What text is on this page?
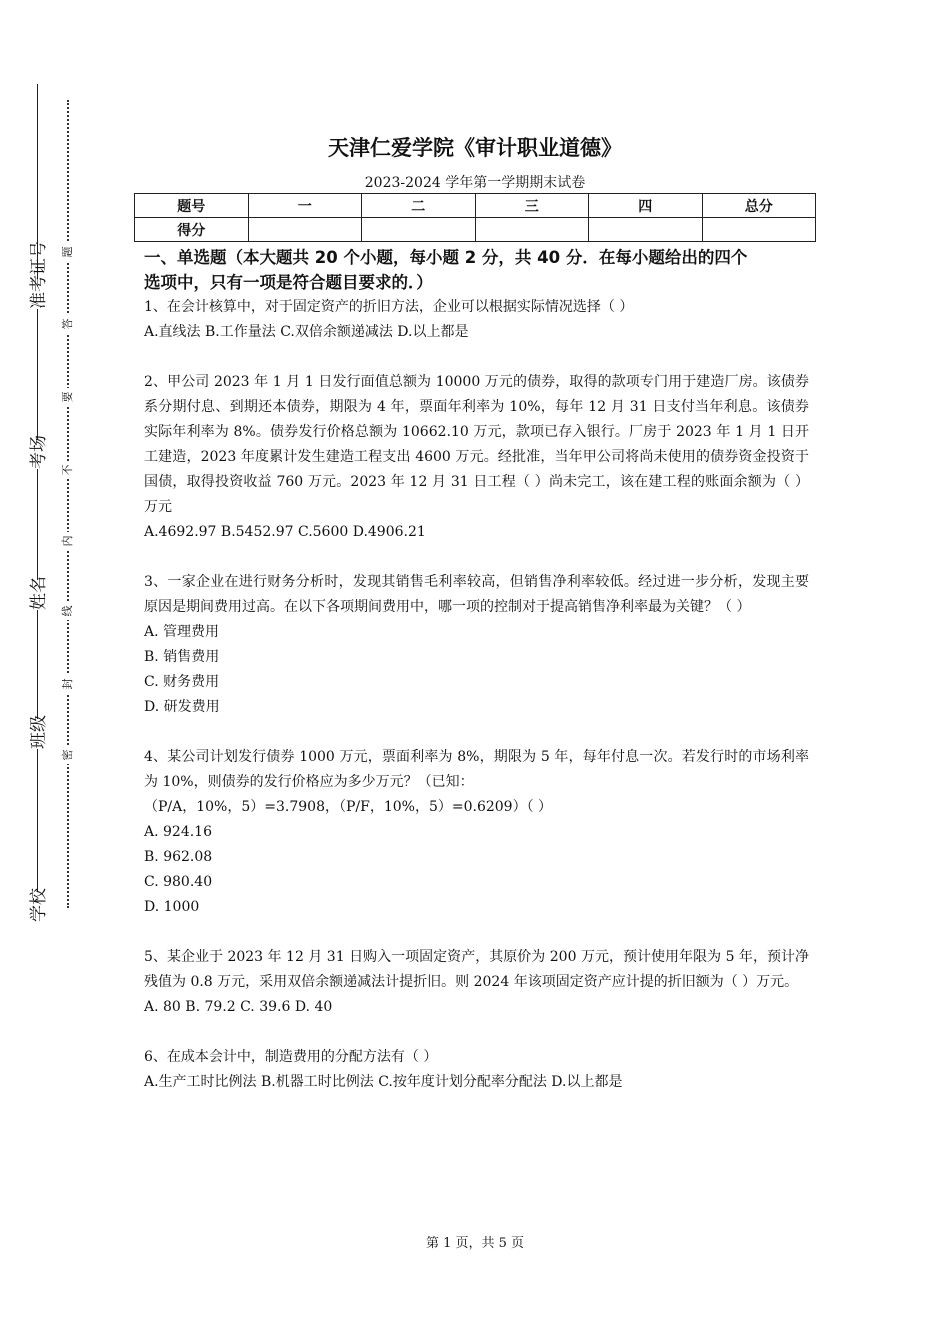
准考证号
考场
姓名
班级
学校
题
答
要
不
内
线
封
密
天津仁爱学院《审计职业道德》
2023-2024 学年第一学期期末试卷
题号	一	二	三	四	总分
得分					

一、单选题（本大题共 20 个小题，每小题 2 分，共 40 分．在每小题给出的四个
选项中，只有一项是符合题目要求的．）

1、在会计核算中，对于固定资产的折旧方法，企业可以根据实际情况选择（ ）

A.直线法 B.工作量法 C.双倍余额递减法 D.以上都是

2、甲公司 2023 年 1 月 1 日发行面值总额为 10000 万元的债券，取得的款项专门用于建造厂房。该债券系分期付息、到期还本债券，期限为 4 年，票面年利率为 10%，每年 12 月 31 日支付当年利息。该债券实际年利率为 8%。债券发行价格总额为 10662.10 万元，款项已存入银行。厂房于 2023 年 1 月 1 日开工建造，2023 年度累计发生建造工程支出 4600 万元。经批准，当年甲公司将尚未使用的债券资金投资于国债，取得投资收益 760 万元。2023 年 12 月 31 日工程（ ）尚未完工，该在建工程的账面余额为（ ）万元

A.4692.97 B.5452.97 C.5600 D.4906.21

3、一家企业在进行财务分析时，发现其销售毛利率较高，但销售净利率较低。经过进一步分析，发现主要原因是期间费用过高。在以下各项期间费用中，哪一项的控制对于提高销售净利率最为关键？（ ）

A. 管理费用

B. 销售费用

C. 财务费用

D. 研发费用

4、某公司计划发行债券 1000 万元，票面利率为 8%，期限为 5 年，每年付息一次。若发行时的市场利率为 10%，则债券的发行价格应为多少万元？（已知：

（P/A，10%，5）=3.7908，（P/F，10%，5）=0.6209）（ ）

A. 924.16

B. 962.08

C. 980.40

D. 1000

5、某企业于 2023 年 12 月 31 日购入一项固定资产，其原价为 200 万元，预计使用年限为 5 年，预计净残值为 0.8 万元，采用双倍余额递减法计提折旧。则 2024 年该项固定资产应计提的折旧额为（ ）万元。

A. 80 B. 79.2 C. 39.6 D. 40

6、在成本会计中，制造费用的分配方法有（ ）

A.生产工时比例法 B.机器工时比例法 C.按年度计划分配率分配法 D.以上都是

第 1 页，共 5 页
